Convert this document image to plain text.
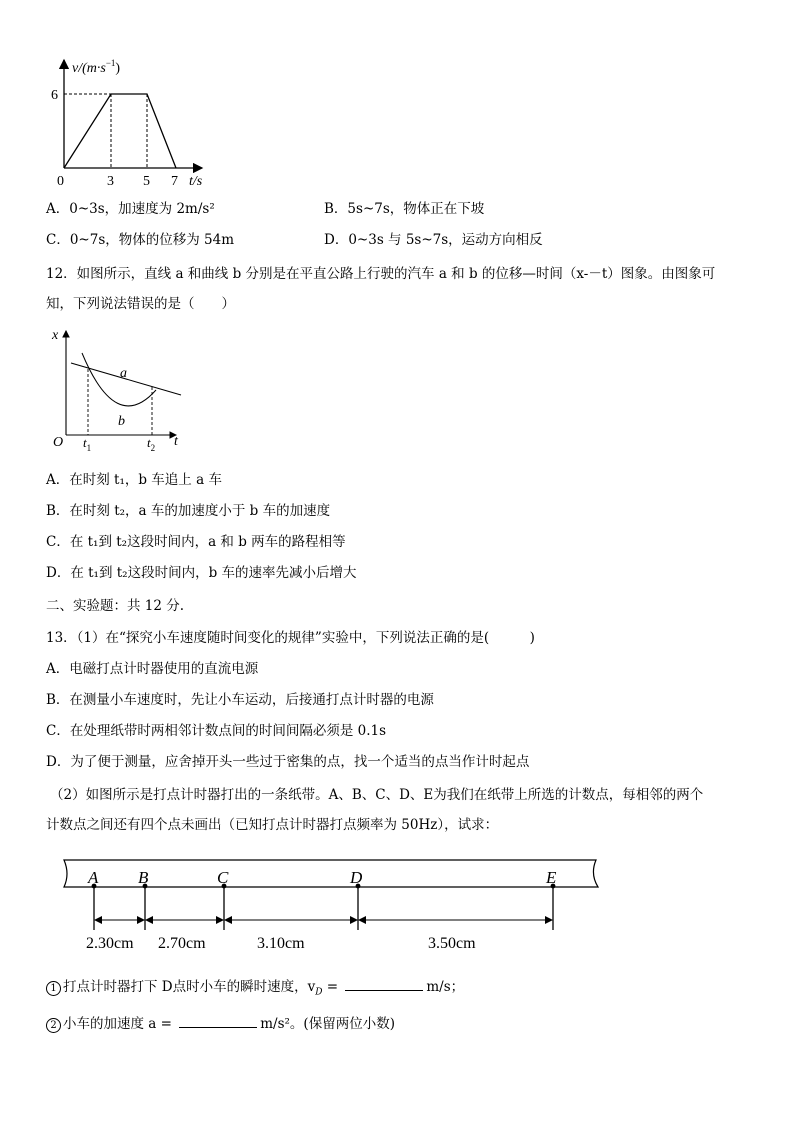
$v/(m\cdot s^{-1})$
6
0	3 5 7 t/s
A．0~3s，加速度为 2m/s²	B．5s~7s，物体正在下坡
C．0~7s，物体的位移为 54m	D．0~3s 与 5s~7s，运动方向相反
12．如图所示，直线 a 和曲线 b 分别是在平直公路上行驶的汽车 a 和 b 的位移—时间（x-－t）图象。由图象可
知，下列说法错误的是（　　）
x
a
b
O $t_1$	$t_2$ t
A．在时刻 t₁，b 车追上 a 车
B．在时刻 t₂，a 车的加速度小于 b 车的加速度
C．在 t₁到 t₂这段时间内，a 和 b 两车的路程相等
D．在 t₁到 t₂这段时间内，b 车的速率先减小后增大
二、实验题：共 12 分.
13．（1）在“探究小车速度随时间变化的规律”实验中，下列说法正确的是(　　　)
A．电磁打点计时器使用的直流电源
B．在测量小车速度时，先让小车运动，后接通打点计时器的电源
C．在处理纸带时两相邻计数点间的时间间隔必须是 0.1s
D．为了便于测量，应舍掉开头一些过于密集的点，找一个适当的点当作计时起点
（2）如图所示是打点计时器打出的一条纸带。A、B、C、D、E为我们在纸带上所选的计数点，每相邻的两个
计数点之间还有四个点未画出（已知打点计时器打点频率为 50Hz），试求：
A B	C	D	E
2.30cm 2.70cm	3.10cm	3.50cm
1 打点计时器打下 D点时小车的瞬时速度，$v_D$ =	m/s；
2 小车的加速度 a =	m/s²。(保留两位小数)
